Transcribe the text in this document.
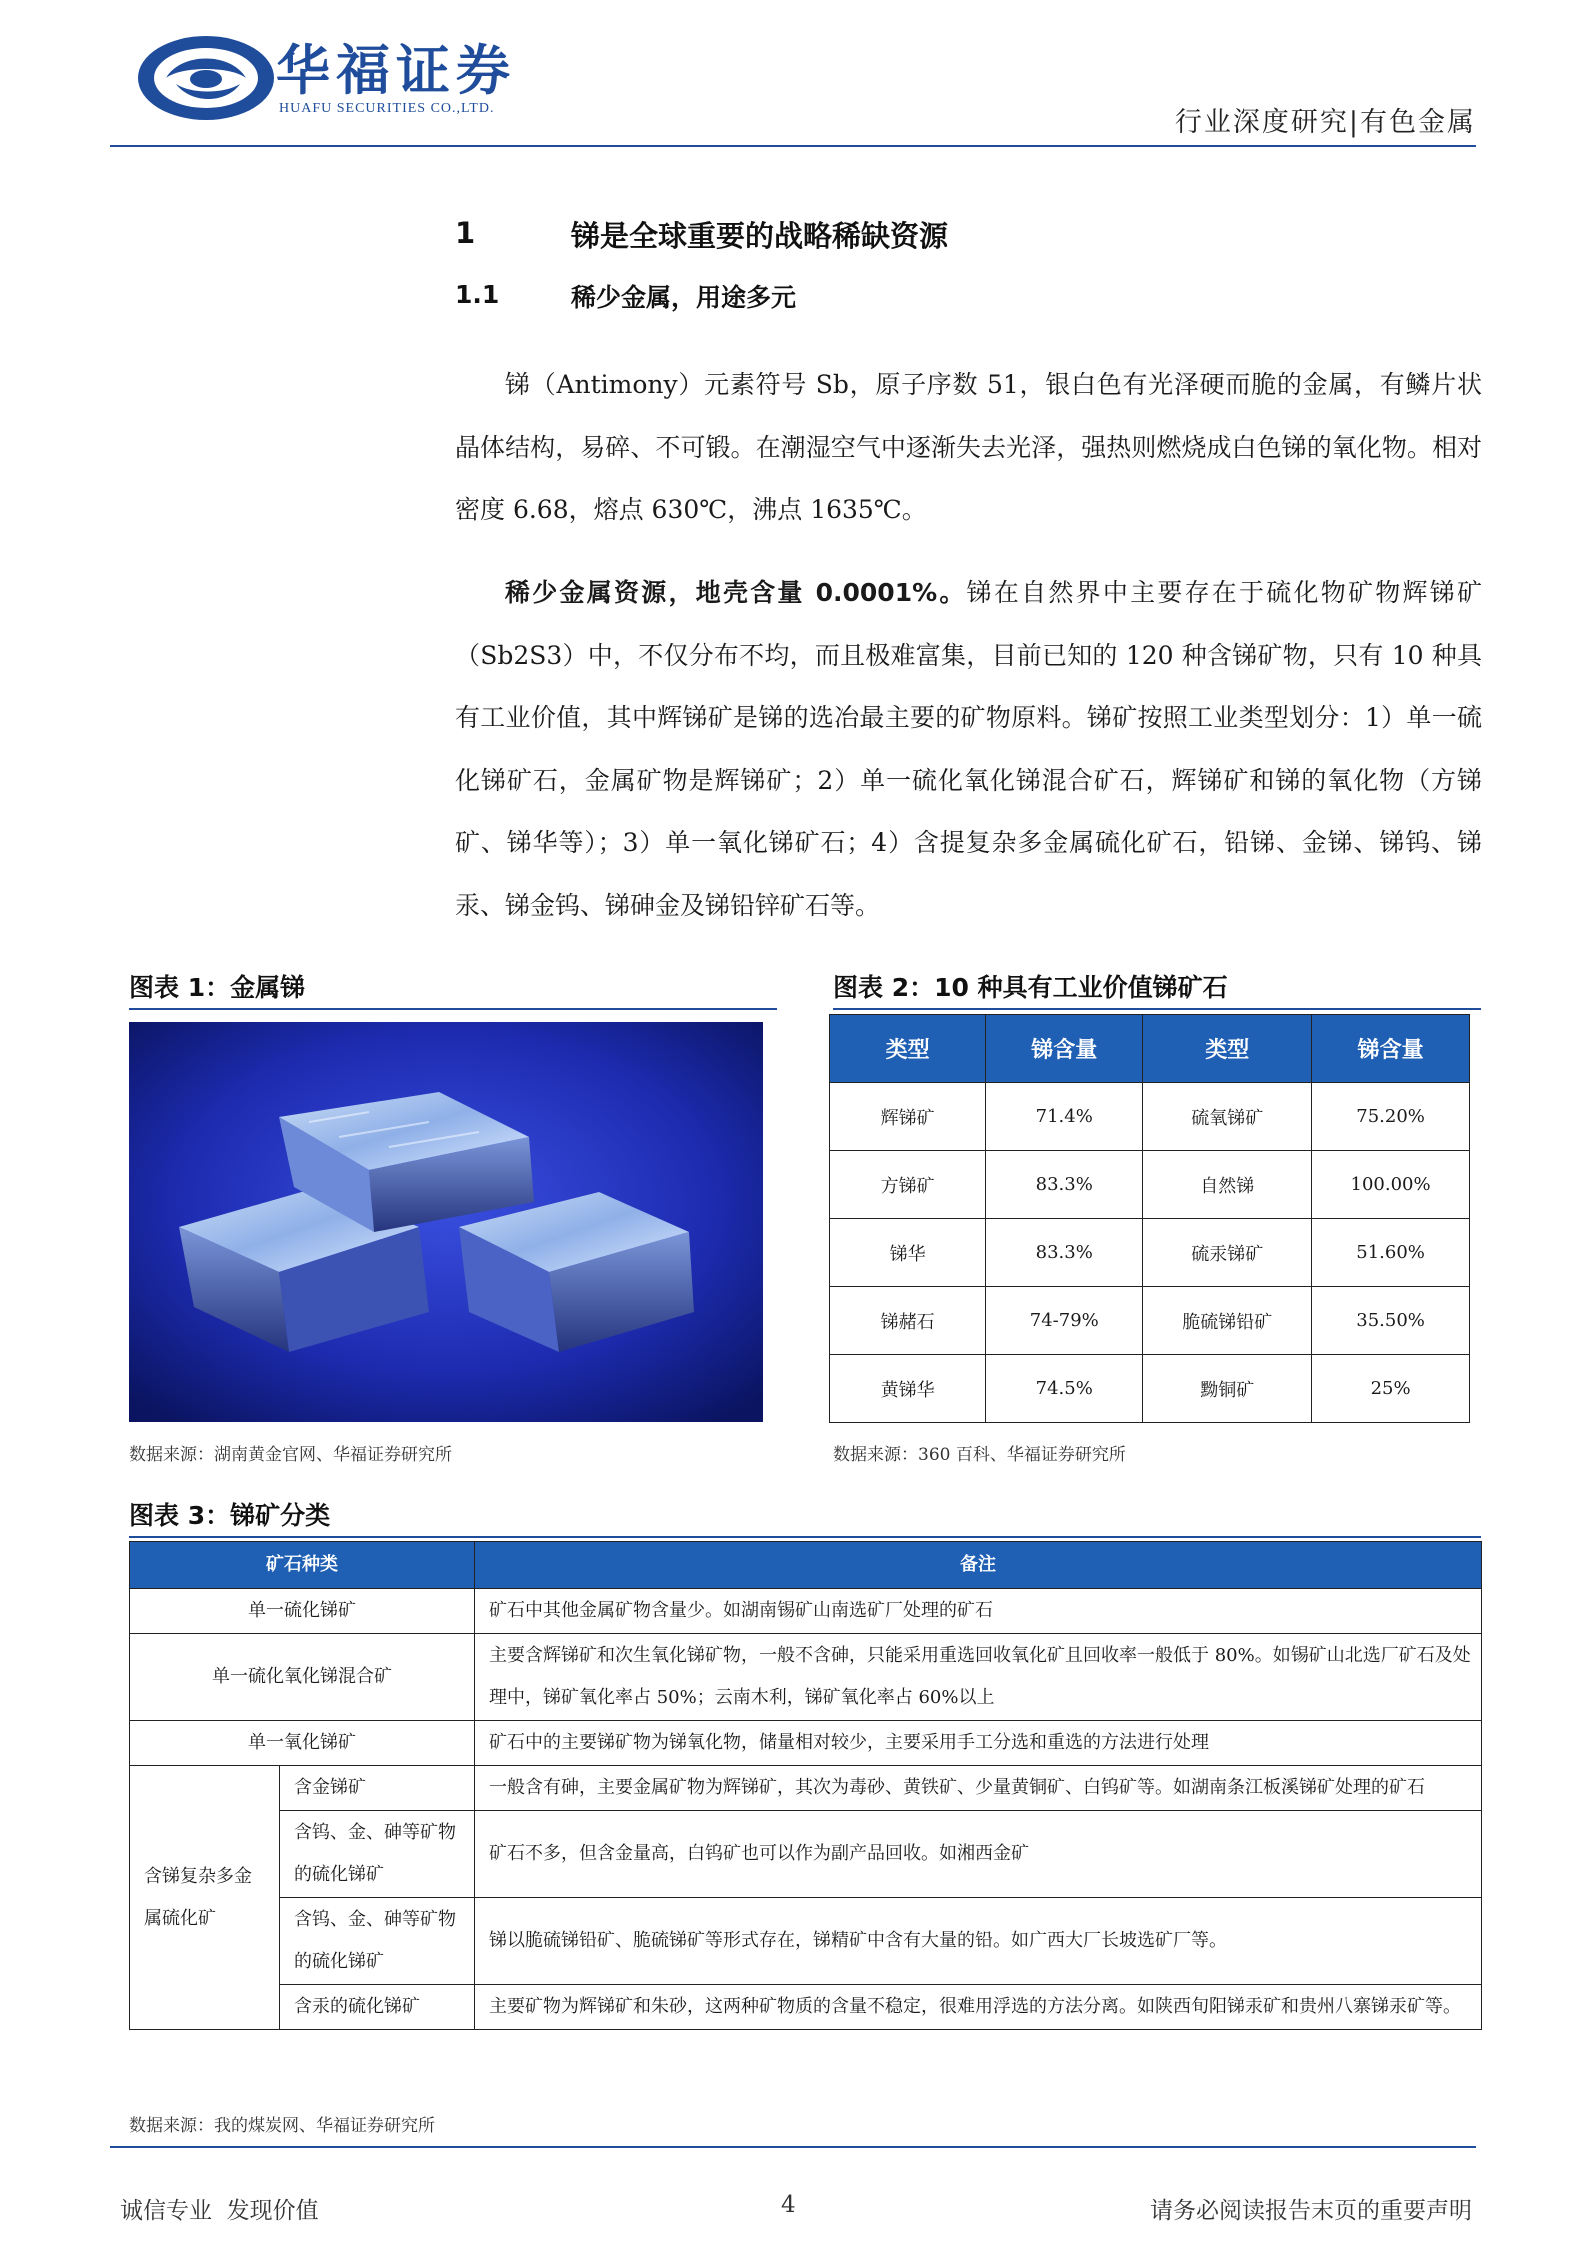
华福证券
HUAFU SECURITIES CO.,LTD.	行业深度研究|有色金属
1	锑是全球重要的战略稀缺资源
1.1	稀少金属，用途多元
锑（Antimony）元素符号 Sb，原子序数 51，银白色有光泽硬而脆的金属，有鳞片状晶体结构，易碎、不可锻。在潮湿空气中逐渐失去光泽，强热则燃烧成白色锑的氧化物。相对密度 6.68，熔点 630℃，沸点 1635℃。
稀少金属资源，地壳含量 0.0001%。锑在自然界中主要存在于硫化物矿物辉锑矿（Sb2S3）中，不仅分布不均，而且极难富集，目前已知的 120 种含锑矿物，只有 10 种具有工业价值，其中辉锑矿是锑的选冶最主要的矿物原料。锑矿按照工业类型划分：1）单一硫化锑矿石，金属矿物是辉锑矿；2）单一硫化氧化锑混合矿石，辉锑矿和锑的氧化物（方锑矿、锑华等）；3）单一氧化锑矿石；4）含提复杂多金属硫化矿石，铅锑、金锑、锑钨、锑汞、锑金钨、锑砷金及锑铅锌矿石等。
图表 1：金属锑
数据来源：湖南黄金官网、华福证券研究所
图表 2：10 种具有工业价值锑矿石
类型	锑含量	类型	锑含量
辉锑矿	71.4%	硫氧锑矿	75.20%
方锑矿	83.3%	自然锑	100.00%
锑华	83.3%	硫汞锑矿	51.60%
锑赭石	74-79%	脆硫锑铅矿	35.50%
黄锑华	74.5%	黝铜矿	25%
数据来源：360 百科、华福证券研究所
图表 3：锑矿分类
矿石种类		备注
单一硫化锑矿		矿石中其他金属矿物含量少。如湖南锡矿山南选矿厂处理的矿石
单一硫化氧化锑混合矿		主要含辉锑矿和次生氧化锑矿物，一般不含砷，只能采用重选回收氧化矿且回收率一般低于 80%。如锡矿山北选厂矿石及处理中，锑矿氧化率占 50%；云南木利，锑矿氧化率占 60%以上
单一氧化锑矿		矿石中的主要锑矿物为锑氧化物，储量相对较少，主要采用手工分选和重选的方法进行处理
含锑复杂多金属硫化矿	含金锑矿	一般含有砷，主要金属矿物为辉锑矿，其次为毒砂、黄铁矿、少量黄铜矿、白钨矿等。如湖南条江板溪锑矿处理的矿石
	含钨、金、砷等矿物的硫化锑矿	矿石不多，但含金量高，白钨矿也可以作为副产品回收。如湘西金矿
	含钨、金、砷等矿物的硫化锑矿	锑以脆硫锑铅矿、脆硫锑矿等形式存在，锑精矿中含有大量的铅。如广西大厂长坡选矿厂等。
	含汞的硫化锑矿	主要矿物为辉锑矿和朱砂，这两种矿物质的含量不稳定，很难用浮选的方法分离。如陕西旬阳锑汞矿和贵州八寨锑汞矿等。
数据来源：我的煤炭网、华福证券研究所
诚信专业  发现价值	4	请务必阅读报告末页的重要声明
